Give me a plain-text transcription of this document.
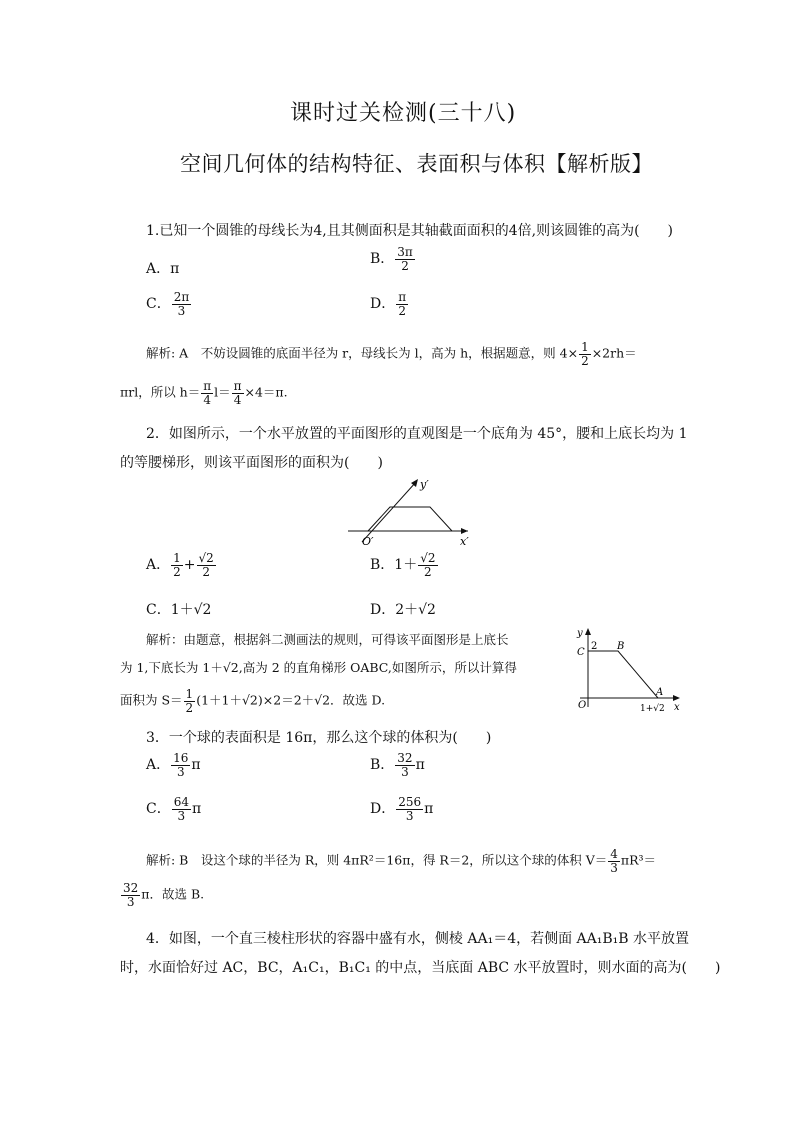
课时过关检测(三十八)
空间几何体的结构特征、表面积与体积【解析版】
1.已知一个圆锥的母线长为4,且其侧面积是其轴截面面积的4倍,则该圆锥的高为(　　)
A．π
B． $\frac{3\pi}{2}$
C． $\frac{2\pi}{3}$	D． $\frac{\pi}{2}$
解析: A　不妨设圆锥的底面半径为 r，母线长为 l，高为 h，根据题意，则 $4\times \frac{1}{2} \times 2rh=$
πrl，所以 $h= \frac{\pi}{4} l= \frac{\pi}{4} \times 4=\pi$.
2．如图所示，一个水平放置的平面图形的直观图是一个底角为 45°，腰和上底长均为 1
的等腰梯形，则该平面图形的面积为(　　)
y′
x′
O′
A． $\frac{1}{2} + \frac{√2}{2}$	B．$1+ \frac{√2}{2}$
C．1＋√2	D．2＋√2
解析：由题意，根据斜二测画法的规则，可得该平面图形是上底长
为 1,下底长为 1＋√2,高为 2 的直角梯形 OABC,如图所示，所以计算得
面积为 $S= \frac{1}{2} (1+1+√2)\times 2=2+√2$．故选 D.
y
C
2 B
A
O	1+√2 x
3．一个球的表面积是 16π，那么这个球的体积为(　　)
A． $\frac{16}{3}$ π	B． $\frac{32}{3}$ π
C． $\frac{64}{3}$ π	D． $\frac{256}{3}$ π
解析: B　设这个球的半径为 R，则 4πR²＝16π，得 R＝2，所以这个球的体积 $V= \frac{4}{3} \pi R^3=$
$\frac{32}{3}$ π．故选 B.
4．如图，一个直三棱柱形状的容器中盛有水，侧棱 AA₁＝4，若侧面 AA₁B₁B 水平放置
时，水面恰好过 AC，BC，A₁C₁，B₁C₁ 的中点，当底面 ABC 水平放置时，则水面的高为(　　)
